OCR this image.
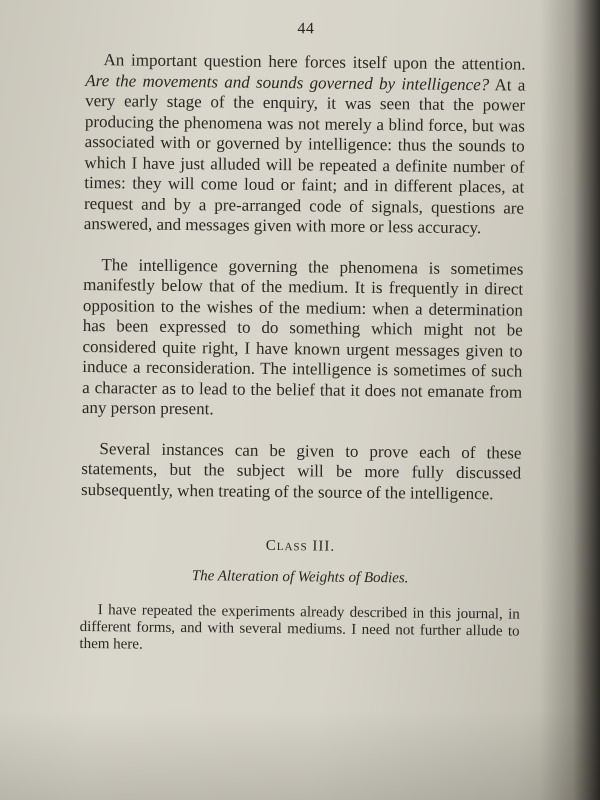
44

An important question here forces itself upon the attention. Are the movements and sounds governed by intelligence? At a very early stage of the enquiry, it was seen that the power producing the phenomena was not merely a blind force, but was associated with or governed by intelligence: thus the sounds to which I have just alluded will be repeated a definite number of times: they will come loud or faint; and in different places, at request and by a pre-arranged code of signals, questions are answered, and messages given with more or less accuracy.

The intelligence governing the phenomena is sometimes manifestly below that of the medium. It is frequently in direct opposition to the wishes of the medium: when a determination has been expressed to do something which might not be considered quite right, I have known urgent messages given to induce a reconsideration. The intelligence is sometimes of such a character as to lead to the belief that it does not emanate from any person present.

Several instances can be given to prove each of these statements, but the subject will be more fully discussed subsequently, when treating of the source of the intelligence.

Class III.
The Alteration of Weights of Bodies.

I have repeated the experiments already described in this journal, in different forms, and with several mediums. I need not further allude to them here.
